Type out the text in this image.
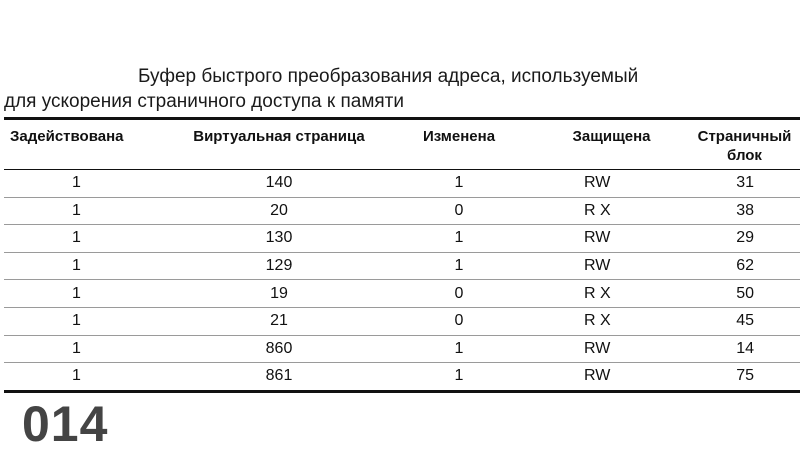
Буфер быстрого преобразования адреса, используемый
для ускорения страничного доступа к памяти
Задействована	Виртуальная страница	Изменена	Защищена	Страничный блок
1	140	1	RW	31
1	20	0	R X	38
1	130	1	RW	29
1	129	1	RW	62
1	19	0	R X	50
1	21	0	R X	45
1	860	1	RW	14
1	861	1	RW	75
014
